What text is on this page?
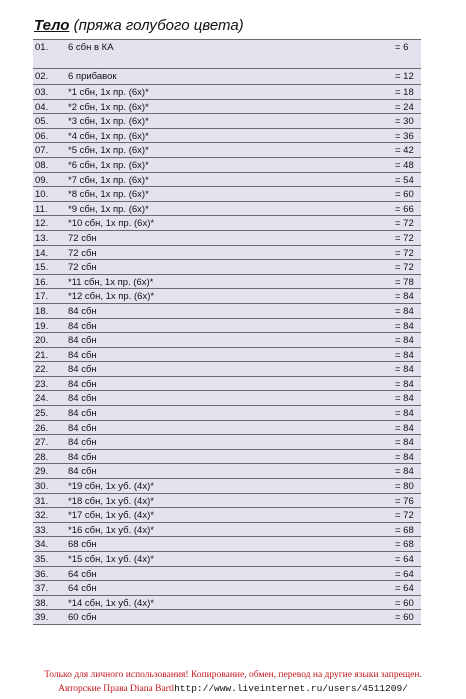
Тело (пряжа голубого цвета)
01. 6 сбн в КА	= 6
02. 6 прибавок	= 12
03. *1 сбн, 1х пр. (6х)*	= 18
04. *2 сбн, 1х пр. (6х)*	= 24
05. *3 сбн, 1х пр. (6х)*	= 30
06. *4 сбн, 1х пр. (6х)*	= 36
07. *5 сбн, 1х пр. (6х)*	= 42
08. *6 сбн, 1х пр. (6х)*	= 48
09. *7 сбн, 1х пр. (6х)*	= 54
10. *8 сбн, 1х пр. (6х)*	= 60
11. *9 сбн, 1х пр. (6х)*	= 66
12. *10 сбн, 1х пр. (6х)*	= 72
13. 72 сбн	= 72
14. 72 сбн	= 72
15. 72 сбн	= 72
16. *11 сбн, 1х пр. (6х)*	= 78
17. *12 сбн, 1х пр. (6х)*	= 84
18. 84 сбн	= 84
19. 84 сбн	= 84
20. 84 сбн	= 84
21. 84 сбн	= 84
22. 84 сбн	= 84
23. 84 сбн	= 84
24. 84 сбн	= 84
25. 84 сбн	= 84
26. 84 сбн	= 84
27. 84 сбн	= 84
28. 84 сбн	= 84
29. 84 сбн	= 84
30. *19 сбн, 1х уб. (4х)*	= 80
31. *18 сбн, 1х уб. (4х)*	= 76
32. *17 сбн, 1х уб. (4х)*	= 72
33. *16 сбн, 1х уб. (4х)*	= 68
34. 68 сбн	= 68
35. *15 сбн, 1х уб. (4х)*	= 64
36. 64 сбн	= 64
37. 64 сбн	= 64
38. *14 сбн, 1х уб. (4х)*	= 60
39. 60 сбн	= 60
Только для личного использования! Копирование, обмен, перевод на другие языки запрещен.
Авторские Права Diana Bartlhttp://www.liveinternet.ru/users/4511209/
